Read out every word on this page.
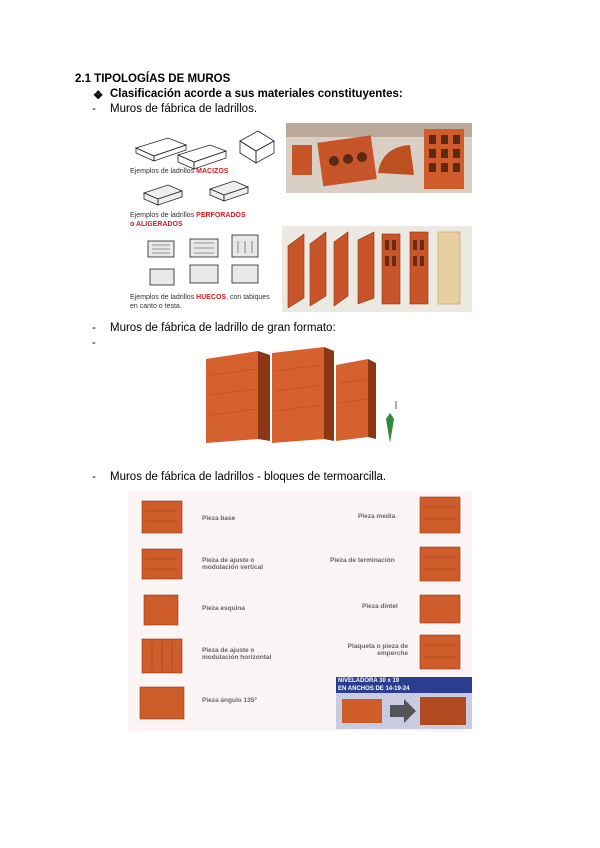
2.1 TIPOLOGÍAS DE MUROS
❖ Clasificación acorde a sus materiales constituyentes:
- Muros de fábrica de ladrillos.
Ejemplos de ladrillos MACIZOS
Ejemplos de ladrillos PERFORADOS
o ALIGERADOS
Ejemplos de ladrillos HUECOS, con tabiques
en canto o testa.
- Muros de fábrica de ladrillo de gran formato:
-
- Muros de fábrica de ladrillos - bloques de termoarcilla.
Pieza base
Pieza de ajuste o modulación vertical
Pieza esquina
Pieza de ajuste o modulación horizontal
Pieza ángulo 135º
Pieza media
Pieza de terminación
Pieza dintel
Plaqueta o pieza de emperche
NIVELADORA 30 x 19
EN ANCHOS DE 14-19-24
